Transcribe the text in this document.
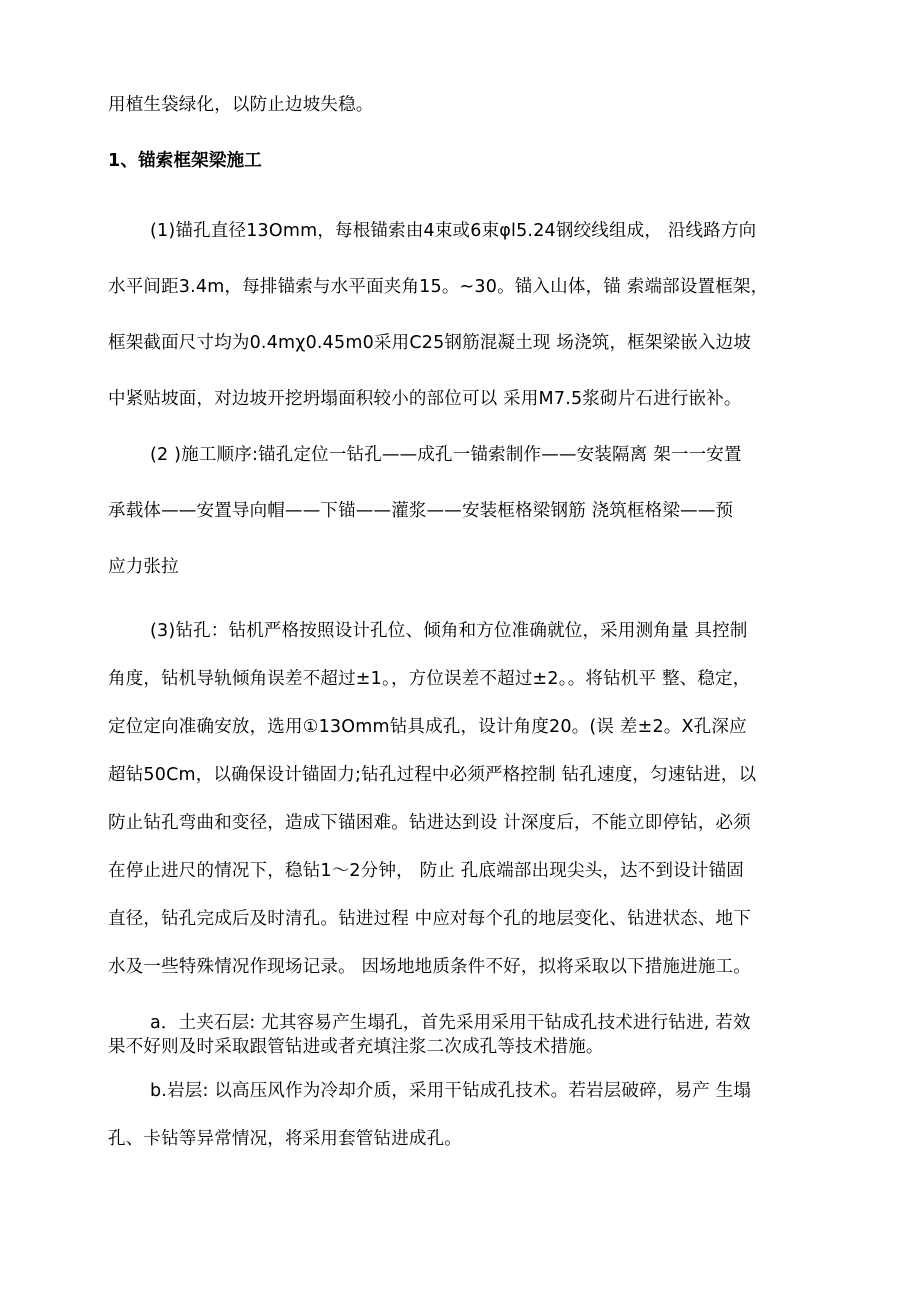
用植生袋绿化，以防止边坡失稳。
1、锚索框架梁施工
(1)锚孔直径13Omm，每根锚索由4束或6束φl5.24钢绞线组成， 沿线路方向
水平间距3.4m，每排锚索与水平面夹角15。~30。锚入山体，锚 索端部设置框架，
框架截面尺寸均为0.4mχ0.45m0采用C25钢筋混凝土现 场浇筑，框架梁嵌入边坡
中紧贴坡面，对边坡开挖坍塌面积较小的部位可以 采用M7.5浆砌片石进行嵌补。
(2 )施工顺序:锚孔定位一钻孔——成孔一锚索制作——安装隔离 架一一安置
承载体——安置导向帽——下锚——灌浆——安装框格梁钢筋 浇筑框格梁——预
应力张拉
(3)钻孔：钻机严格按照设计孔位、倾角和方位准确就位，采用测角量 具控制
角度，钻机导轨倾角误差不超过±1。，方位误差不超过±2。。将钻机平 整、稳定，
定位定向准确安放，选用①13Omm钻具成孔，设计角度20。(误 差±2。X孔深应
超钻50Cm，以确保设计锚固力;钻孔过程中必须严格控制 钻孔速度，匀速钻进，以
防止钻孔弯曲和变径，造成下锚困难。钻进达到设 计深度后，不能立即停钻，必须
在停止进尺的情况下，稳钻1～2分钟， 防止 孔底端部出现尖头，达不到设计锚固
直径，钻孔完成后及时清孔。钻进过程 中应对每个孔的地层变化、钻进状态、地下
水及一些特殊情况作现场记录。 因场地地质条件不好，拟将采取以下措施进施工。
a．土夹石层: 尤其容易产生塌孔，首先采用采用干钻成孔技术进行钻进, 若效
果不好则及时采取跟管钻进或者充填注浆二次成孔等技术措施。
b.岩层: 以高压风作为冷却介质，采用干钻成孔技术。若岩层破碎，易产 生塌
孔、卡钻等异常情况，将采用套管钻进成孔。
